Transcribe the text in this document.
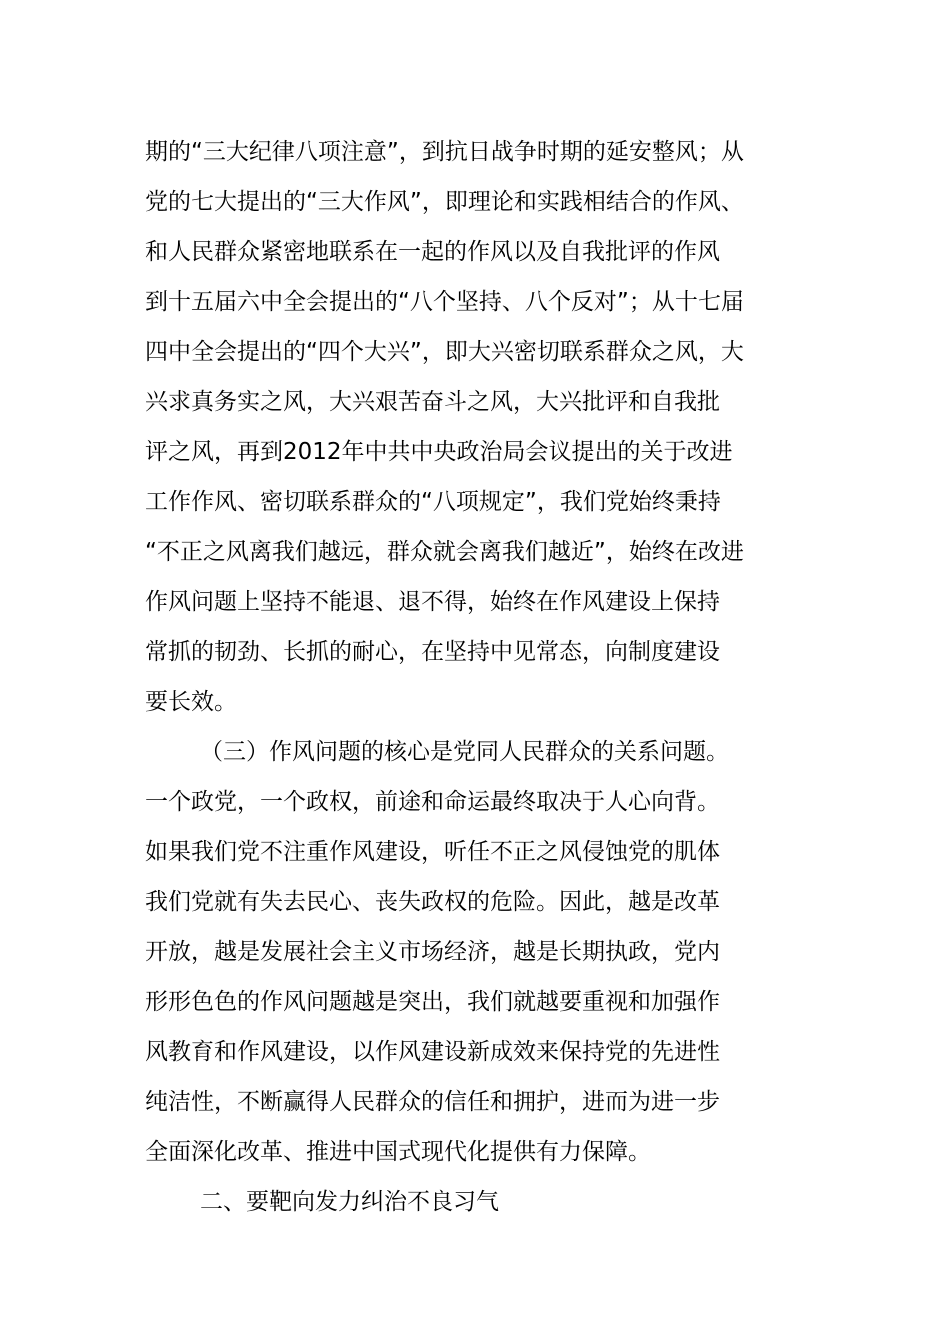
期的“三大纪律八项注意”，到抗日战争时期的延安整风；从
党的七大提出的“三大作风”，即理论和实践相结合的作风、
和人民群众紧密地联系在一起的作风以及自我批评的作风
到十五届六中全会提出的“八个坚持、八个反对”；从十七届
四中全会提出的“四个大兴”，即大兴密切联系群众之风，大
兴求真务实之风，大兴艰苦奋斗之风，大兴批评和自我批
评之风，再到2012年中共中央政治局会议提出的关于改进
工作作风、密切联系群众的“八项规定”，我们党始终秉持
“不正之风离我们越远，群众就会离我们越近”，始终在改进
作风问题上坚持不能退、退不得，始终在作风建设上保持
常抓的韧劲、长抓的耐心，在坚持中见常态，向制度建设
要长效。
（三）作风问题的核心是党同人民群众的关系问题。
一个政党，一个政权，前途和命运最终取决于人心向背。
如果我们党不注重作风建设，听任不正之风侵蚀党的肌体
我们党就有失去民心、丧失政权的危险。因此，越是改革
开放，越是发展社会主义市场经济，越是长期执政，党内
形形色色的作风问题越是突出，我们就越要重视和加强作
风教育和作风建设，以作风建设新成效来保持党的先进性
纯洁性，不断赢得人民群众的信任和拥护，进而为进一步
全面深化改革、推进中国式现代化提供有力保障。
二、要靶向发力纠治不良习气
